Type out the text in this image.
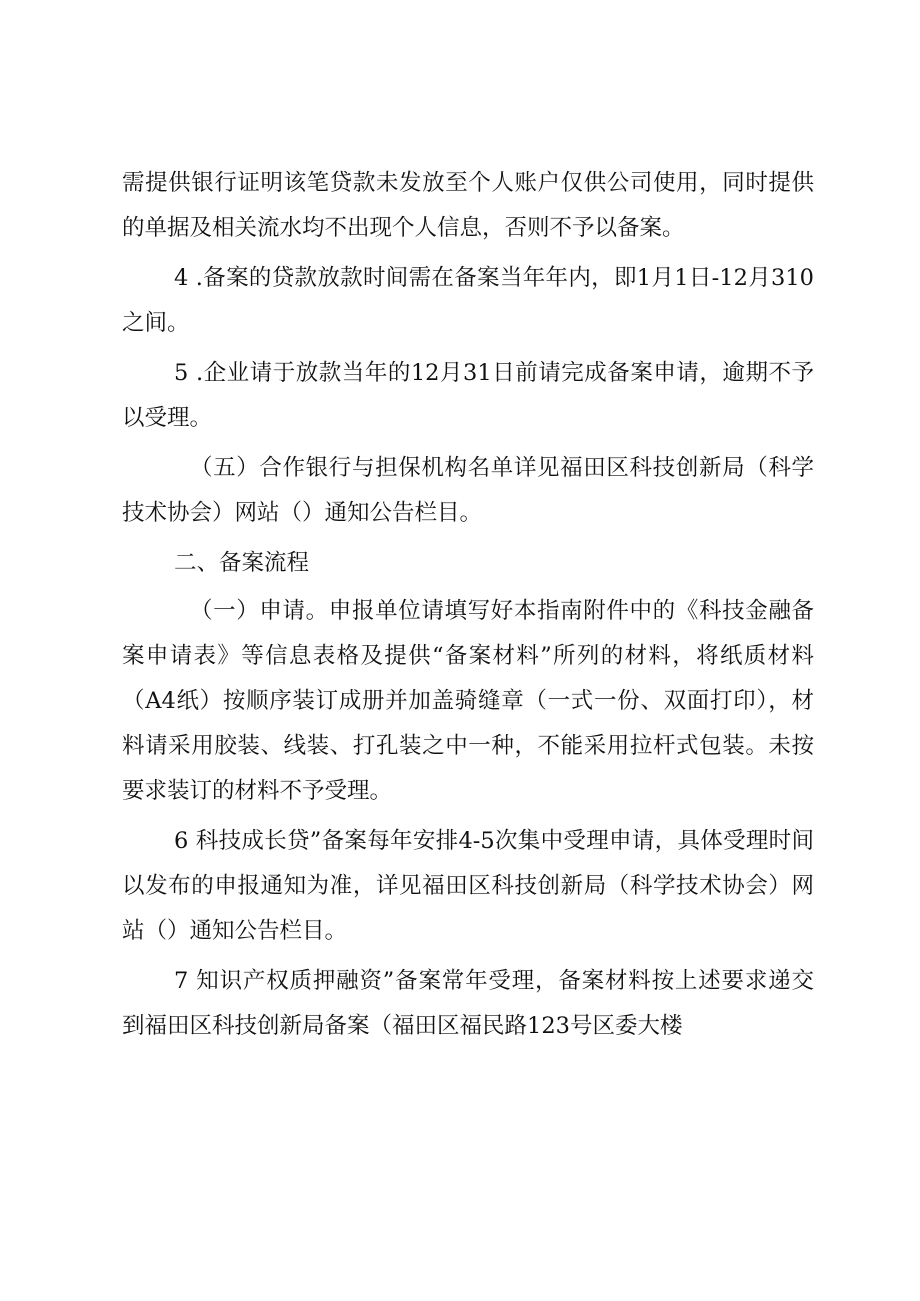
需提供银行证明该笔贷款未发放至个人账户仅供公司使用，同时提供的单据及相关流水均不出现个人信息，否则不予以备案。

4 .备案的贷款放款时间需在备案当年年内，即1月1日-12月310之间。

5 .企业请于放款当年的12月31日前请完成备案申请，逾期不予以受理。

（五）合作银行与担保机构名单详见福田区科技创新局（科学技术协会）网站（）通知公告栏目。

二、备案流程

（一）申请。申报单位请填写好本指南附件中的《科技金融备案申请表》等信息表格及提供“备案材料”所列的材料，将纸质材料（A4纸）按顺序装订成册并加盖骑缝章（一式一份、双面打印），材料请采用胶装、线装、打孔装之中一种，不能采用拉杆式包装。未按要求装订的材料不予受理。

6 科技成长贷”备案每年安排4-5次集中受理申请，具体受理时间以发布的申报通知为准，详见福田区科技创新局（科学技术协会）网站（）通知公告栏目。

7 知识产权质押融资”备案常年受理，备案材料按上述要求递交到福田区科技创新局备案（福田区福民路123号区委大楼
